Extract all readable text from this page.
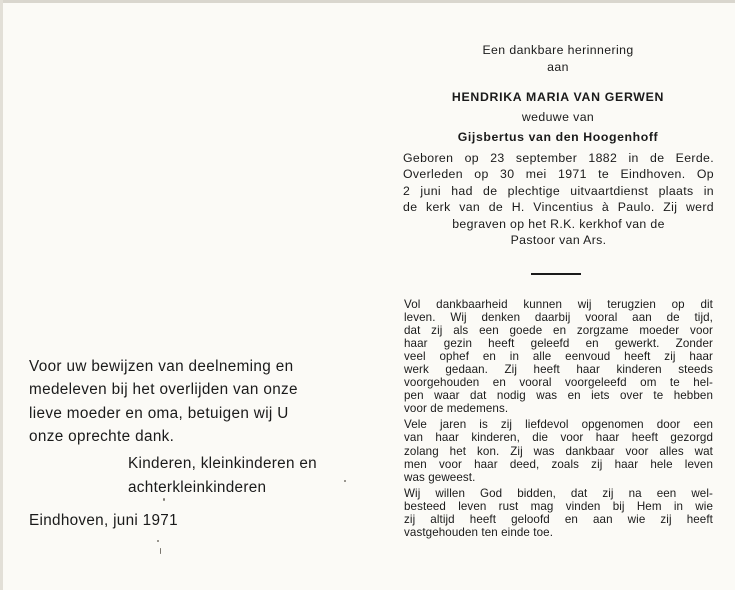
Voor uw bewijzen van deelneming en
medeleven bij het overlijden van onze
lieve moeder en oma, betuigen wij U
onze oprechte dank.
Kinderen, kleinkinderen en
achterkleinkinderen
Eindhoven, juni 1971
Een dankbare herinnering
aan
HENDRIKA MARIA VAN GERWEN
weduwe van
Gijsbertus van den Hoogenhoff
Geboren op 23 september 1882 in de Eerde.
Overleden op 30 mei 1971 te Eindhoven. Op
2 juni had de plechtige uitvaartdienst plaats in
de kerk van de H. Vincentius à Paulo. Zij werd
begraven op het R.K. kerkhof van de
Pastoor van Ars.
Vol dankbaarheid kunnen wij terugzien op dit
leven. Wij denken daarbij vooral aan de tijd,
dat zij als een goede en zorgzame moeder voor
haar gezin heeft geleefd en gewerkt. Zonder
veel ophef en in alle eenvoud heeft zij haar
werk gedaan. Zij heeft haar kinderen steeds
voorgehouden en vooral voorgeleefd om te hel-
pen waar dat nodig was en iets over te hebben
voor de medemens.
Vele jaren is zij liefdevol opgenomen door een
van haar kinderen, die voor haar heeft gezorgd
zolang het kon. Zij was dankbaar voor alles wat
men voor haar deed, zoals zij haar hele leven
was geweest.
Wij willen God bidden, dat zij na een wel-
besteed leven rust mag vinden bij Hem in wie
zij altijd heeft geloofd en aan wie zij heeft
vastgehouden ten einde toe.
